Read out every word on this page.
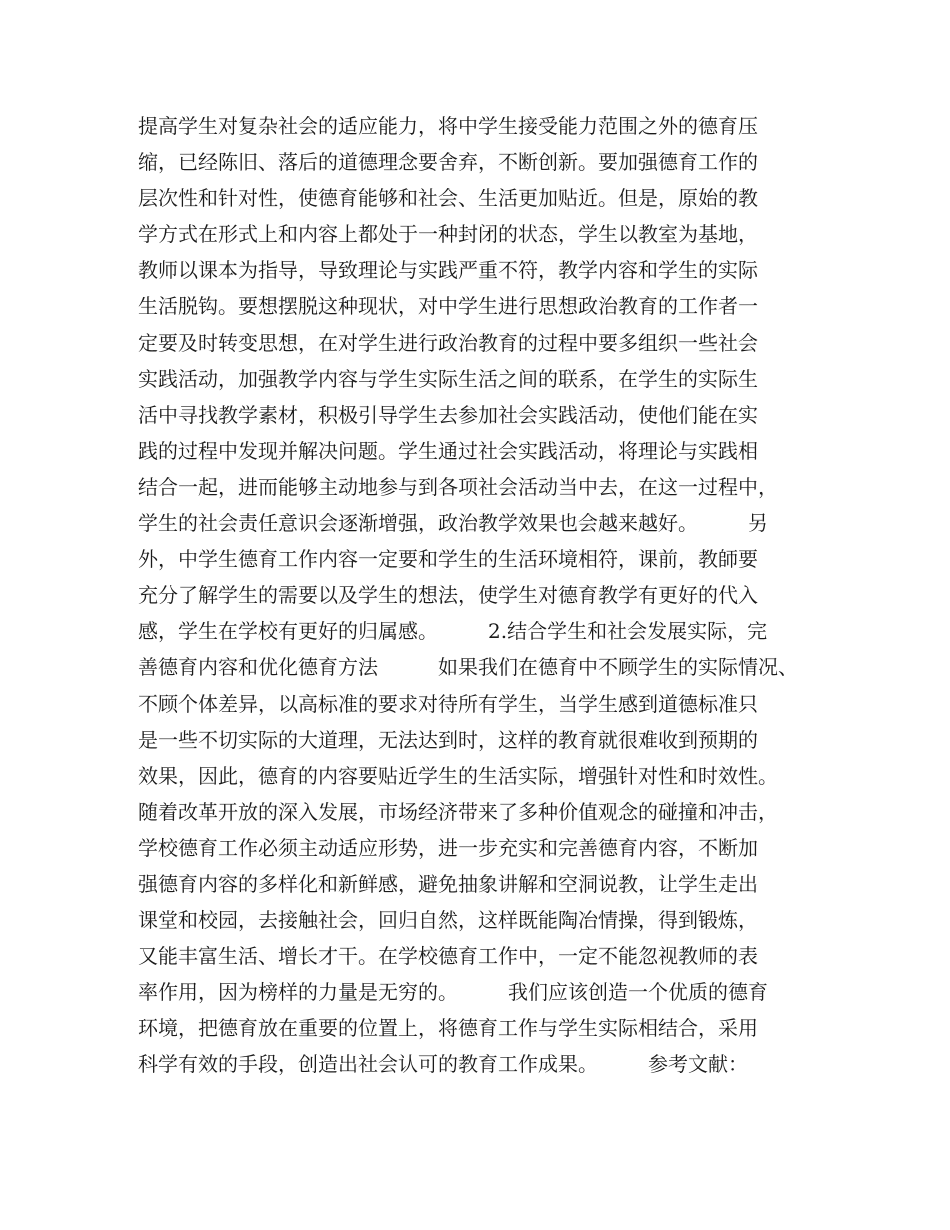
提高学生对复杂社会的适应能力，将中学生接受能力范围之外的德育压
缩，已经陈旧、落后的道德理念要舍弃，不断创新。要加强德育工作的
层次性和针对性，使德育能够和社会、生活更加贴近。但是，原始的教
学方式在形式上和内容上都处于一种封闭的状态，学生以教室为基地，
教师以课本为指导，导致理论与实践严重不符，教学内容和学生的实际
生活脱钩。要想摆脱这种现状，对中学生进行思想政治教育的工作者一
定要及时转变思想，在对学生进行政治教育的过程中要多组织一些社会
实践活动，加强教学内容与学生实际生活之间的联系，在学生的实际生
活中寻找教学素材，积极引导学生去参加社会实践活动，使他们能在实
践的过程中发现并解决问题。学生通过社会实践活动，将理论与实践相
结合一起，进而能够主动地参与到各项社会活动当中去，在这一过程中，
学生的社会责任意识会逐渐增强，政治教学效果也会越来越好。　　　另
外，中学生德育工作内容一定要和学生的生活环境相符，课前，教師要
充分了解学生的需要以及学生的想法，使学生对德育教学有更好的代入
感，学生在学校有更好的归属感。　　　2.结合学生和社会发展实际，完
善德育内容和优化德育方法　　　如果我们在德育中不顾学生的实际情况、
不顾个体差异，以高标准的要求对待所有学生，当学生感到道德标准只
是一些不切实际的大道理，无法达到时，这样的教育就很难收到预期的
效果，因此，德育的内容要贴近学生的生活实际，增强针对性和时效性。
随着改革开放的深入发展，市场经济带来了多种价值观念的碰撞和冲击，
学校德育工作必须主动适应形势，进一步充实和完善德育内容，不断加
强德育内容的多样化和新鲜感，避免抽象讲解和空洞说教，让学生走出
课堂和校园，去接触社会，回归自然，这样既能陶冶情操，得到锻炼，
又能丰富生活、增长才干。在学校德育工作中，一定不能忽视教师的表
率作用，因为榜样的力量是无穷的。　　　我们应该创造一个优质的德育
环境，把德育放在重要的位置上，将德育工作与学生实际相结合，采用
科学有效的手段，创造出社会认可的教育工作成果。　　　参考文献：
